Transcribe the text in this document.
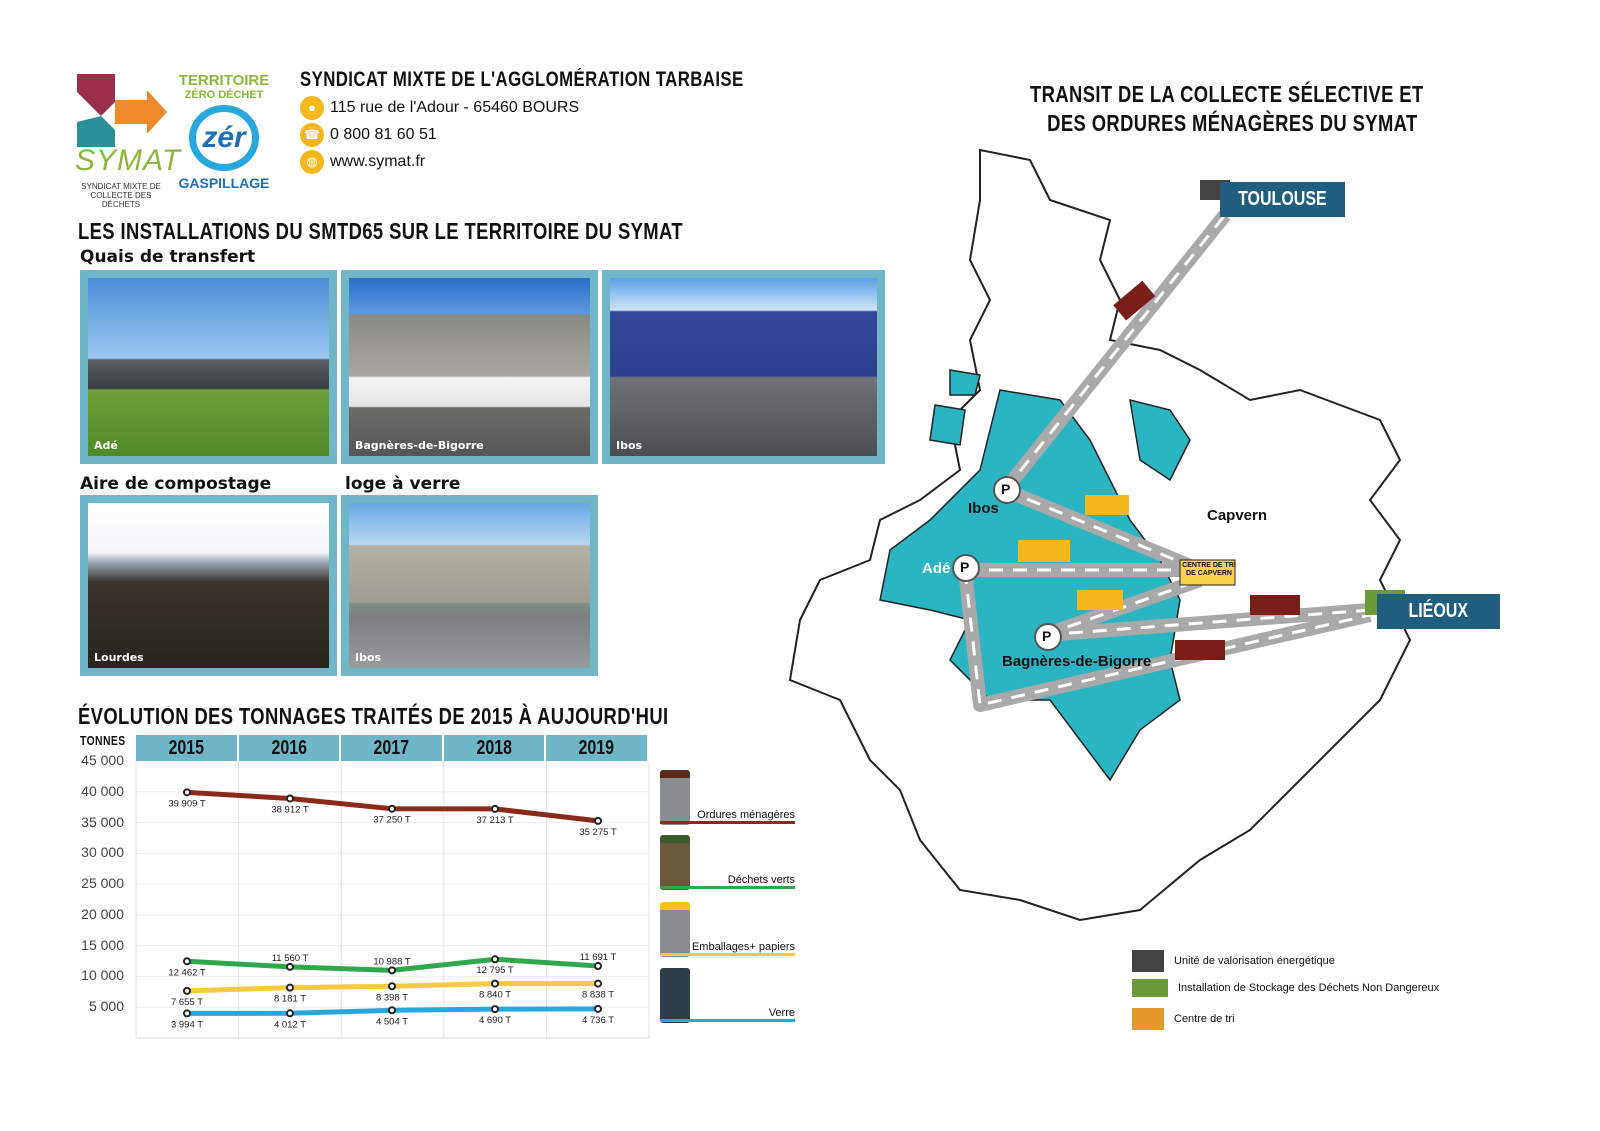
SYMAT
SYNDICAT MIXTE DE COLLECTE DES DÉCHETS
TERRITOIRE
ZÉRO DÉCHET
zér
GASPILLAGE
SYNDICAT MIXTE DE L'AGGLOMÉRATION TARBAISE
● 115 rue de l'Adour - 65460 BOURS
☎ 0 800 81 60 51
◍ www.symat.fr
LES INSTALLATIONS DU SMTD65 SUR LE TERRITOIRE DU SYMAT
Quais de transfert
Adé	Bagnères-de-Bigorre	Ibos
Aire de compostage	loge à verre
Lourdes	Ibos
ÉVOLUTION DES TONNAGES TRAITÉS DE 2015 À AUJOURD'HUI
TONNES 2015	2016	2017	2018	2019
45 000
40 000
35 000
30 000
25 000
20 000
15 000
10 000
5 000
39 909 T
38 912 T
37 250 T	37 213 T
35 275 T
12 462 T
11 560 T	10 988 T
12 795 T
11 691 T
7 655 T	8 181 T	8 398 T	8 840 T	8 838 T
3 994 T	4 012 T	4 504 T	4 690 T	4 736 T
Ordures ménagères
Déchets verts
Emballages+ papiers
Verre
TRANSIT DE LA COLLECTE SÉLECTIVE ET
DES ORDURES MÉNAGÈRES DU SYMAT
P
P
P
Ibos
Adé
Bagnères-de-Bigorre
Capvern
CENTRE DE TRI DE CAPVERN
TOULOUSE
LIÉOUX
Unité de valorisation énergétique
Installation de Stockage des Déchets Non Dangereux
Centre de tri
